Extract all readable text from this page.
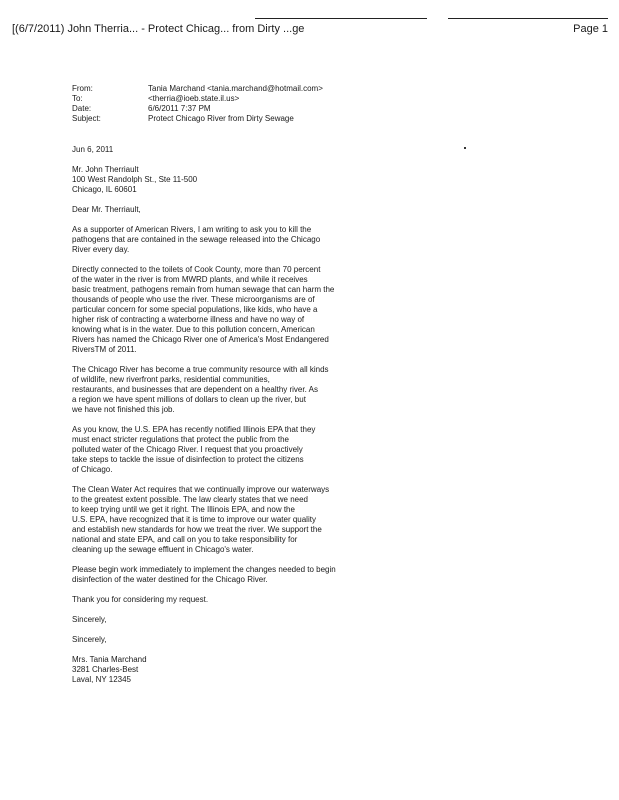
[(6/7/2011) John Therria... - Protect Chicag... from Dirty ...ge	Page 1
From:	Tania Marchand <tania.marchand@hotmail.com>
To:	<therria@ioeb.state.il.us>
Date:	6/6/2011 7:37 PM
Subject:	Protect Chicago River from Dirty Sewage

Jun 6, 2011

Mr. John Therriault
100 West Randolph St., Ste 11-500
Chicago, IL 60601

Dear Mr. Therriault,

As a supporter of American Rivers, I am writing to ask you to kill the
pathogens that are contained in the sewage released into the Chicago
River every day.

Directly connected to the toilets of Cook County, more than 70 percent
of the water in the river is from MWRD plants, and while it receives
basic treatment, pathogens remain from human sewage that can harm the
thousands of people who use the river. These microorganisms are of
particular concern for some special populations, like kids, who have a
higher risk of contracting a waterborne illness and have no way of
knowing what is in the water. Due to this pollution concern, American
Rivers has named the Chicago River one of America's Most Endangered
RiversTM of 2011.

The Chicago River has become a true community resource with all kinds
of wildlife, new riverfront parks, residential communities,
restaurants, and businesses that are dependent on a healthy river. As
a region we have spent millions of dollars to clean up the river, but
we have not finished this job.

As you know, the U.S. EPA has recently notified Illinois EPA that they
must enact stricter regulations that protect the public from the
polluted water of the Chicago River. I request that you proactively
take steps to tackle the issue of disinfection to protect the citizens
of Chicago.

The Clean Water Act requires that we continually improve our waterways
to the greatest extent possible. The law clearly states that we need
to keep trying until we get it right. The Illinois EPA, and now the
U.S. EPA, have recognized that it is time to improve our water quality
and establish new standards for how we treat the river. We support the
national and state EPA, and call on you to take responsibility for
cleaning up the sewage effluent in Chicago's water.

Please begin work immediately to implement the changes needed to begin
disinfection of the water destined for the Chicago River.

Thank you for considering my request.

Sincerely,

Sincerely,

Mrs. Tania Marchand
3281 Charles-Best
Laval, NY 12345
